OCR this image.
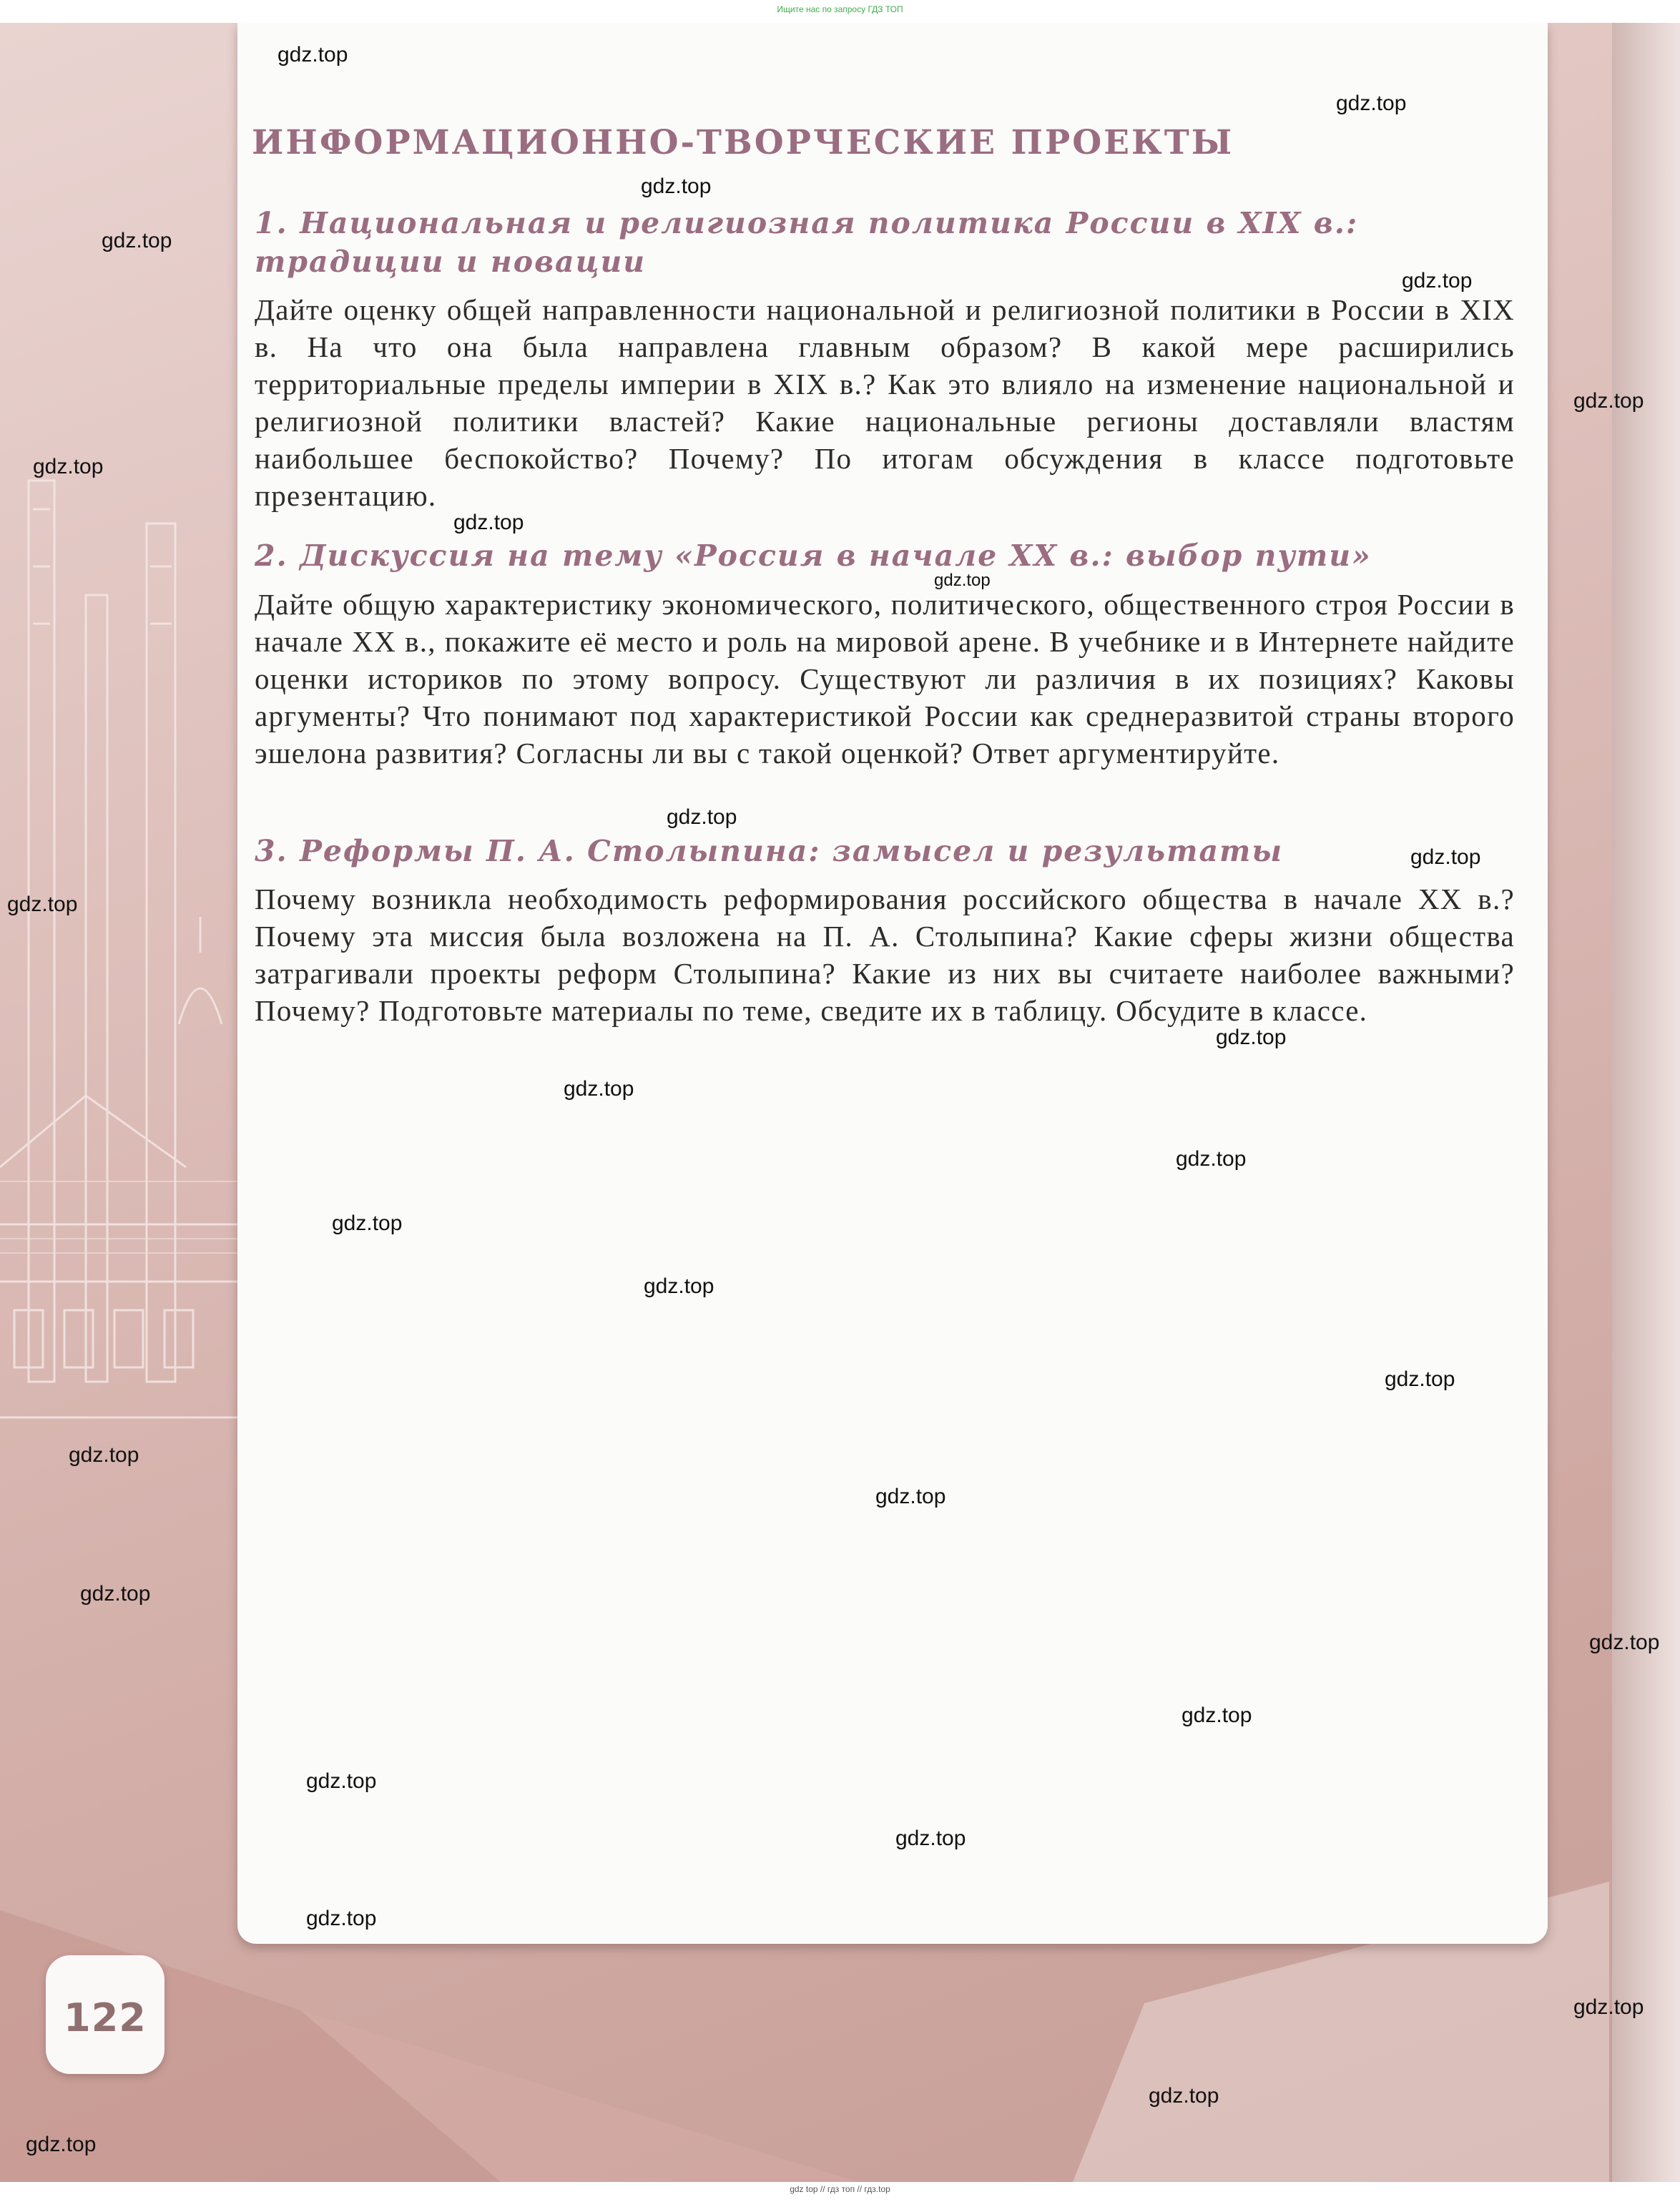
Ищите нас по запросу ГДЗ ТОП
ИНФОРМАЦИОННО-ТВОРЧЕСКИЕ ПРОЕКТЫ
1. Национальная и религиозная политика России в XIX в.: традиции и новации

Дайте оценку общей направленности национальной и религиозной политики в России в XIX в. На что она была направлена главным образом? В какой мере расширились территориальные пределы империи в XIX в.? Как это влияло на изменение национальной и религиозной политики властей? Какие национальные регионы доставляли властям наибольшее беспокойство? Почему? По итогам обсуждения в классе подготовьте презентацию.

2. Дискуссия на тему «Россия в начале XX в.: выбор пути»

Дайте общую характеристику экономического, политического, общественного строя России в начале XX в., покажите её место и роль на мировой арене. В учебнике и в Интернете найдите оценки историков по этому вопросу. Существуют ли различия в их позициях? Каковы аргументы? Что понимают под характеристикой России как среднеразвитой страны второго эшелона развития? Согласны ли вы с такой оценкой? Ответ аргументируйте.

3. Реформы П. А. Столыпина: замысел и результаты

Почему возникла необходимость реформирования российского общества в начале XX в.? Почему эта миссия была возложена на П. А. Столыпина? Какие сферы жизни общества затрагивали проекты реформ Столыпина? Какие из них вы считаете наиболее важными? Почему? Подготовьте материалы по теме, сведите их в таблицу. Обсудите в классе.

122
gdz.top
gdz.top
gdz.top
gdz.top
gdz.top
gdz.top
gdz.top
gdz.top
gdz.top
gdz.top
gdz.top
gdz.top
gdz.top
gdz.top
gdz.top
gdz.top
gdz.top
gdz.top
gdz.top
gdz.top
gdz.top
gdz.top
gdz.top
gdz.top
gdz.top
gdz.top
gdz.top
gdz.top
gdz.top
gdz top // гдз топ // гдз.top
